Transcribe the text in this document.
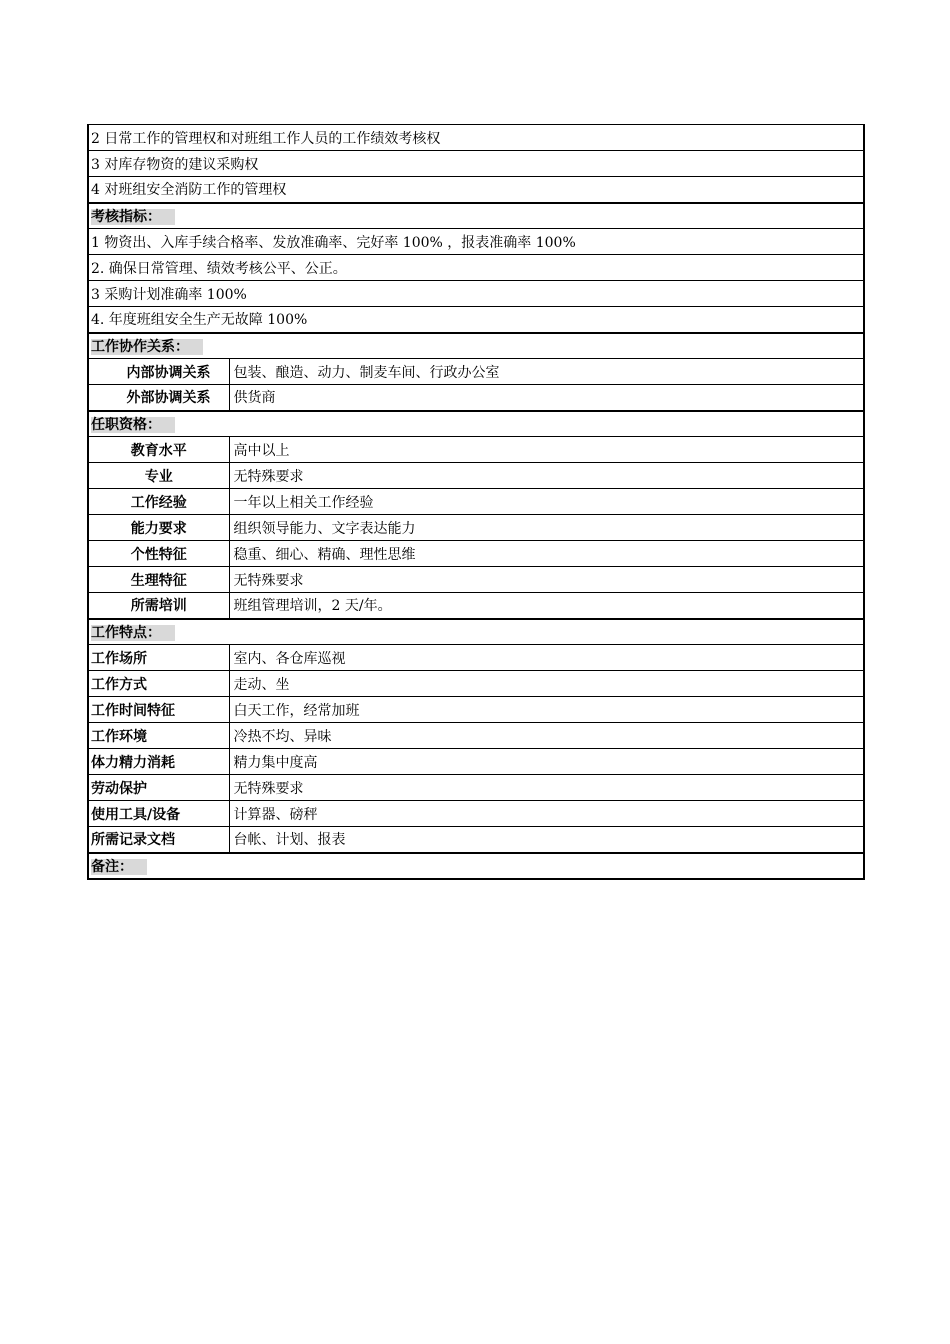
2 日常工作的管理权和对班组工作人员的工作绩效考核权	
3 对库存物资的建议采购权	
4 对班组安全消防工作的管理权	
考核指标：	
1 物资出、入库手续合格率、发放准确率、完好率 100% ，报表准确率 100%	
2. 确保日常管理、绩效考核公平、公正。	
3 采购计划准确率 100%	
4. 年度班组安全生产无故障 100%	
工作协作关系：	
内部协调关系	包装、酿造、动力、制麦车间、行政办公室
外部协调关系	供货商
任职资格：	
教育水平	高中以上
专业	无特殊要求
工作经验	一年以上相关工作经验
能力要求	组织领导能力、文字表达能力
个性特征	稳重、细心、精确、理性思维
生理特征	无特殊要求
所需培训	班组管理培训，2 天/年。
工作特点：	
工作场所	室内、各仓库巡视
工作方式	走动、坐
工作时间特征	白天工作，经常加班
工作环境	冷热不均、异味
体力精力消耗	精力集中度高
劳动保护	无特殊要求
使用工具/设备	计算器、磅秤
所需记录文档	台帐、计划、报表
备注：	
